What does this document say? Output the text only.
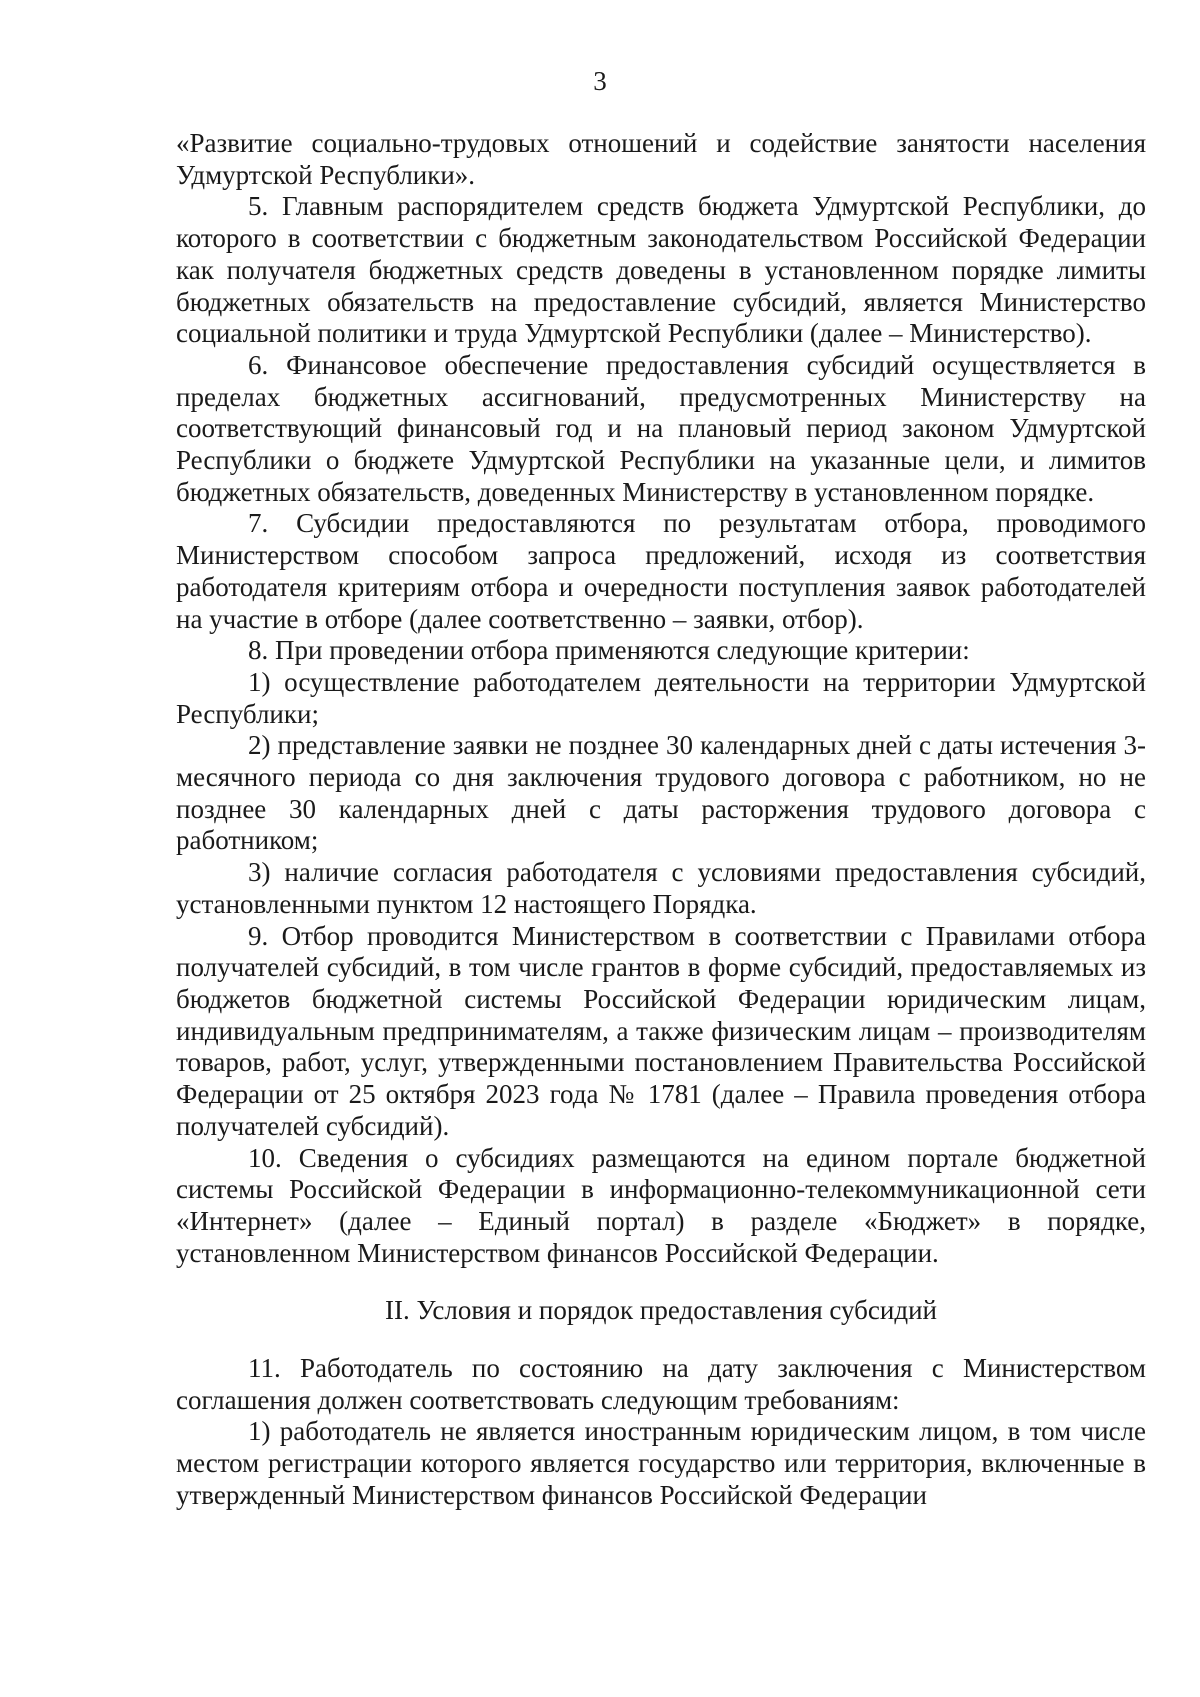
3

«Развитие социально-трудовых отношений и содействие занятости населения Удмуртской Республики».

5. Главным распорядителем средств бюджета Удмуртской Республики, до которого в соответствии с бюджетным законодательством Российской Федерации как получателя бюджетных средств доведены в установленном порядке лимиты бюджетных обязательств на предоставление субсидий, является Министерство социальной политики и труда Удмуртской Республики (далее – Министерство).

6. Финансовое обеспечение предоставления субсидий осуществляется в пределах бюджетных ассигнований, предусмотренных Министерству на соответствующий финансовый год и на плановый период законом Удмуртской Республики о бюджете Удмуртской Республики на указанные цели, и лимитов бюджетных обязательств, доведенных Министерству в установленном порядке.

7. Субсидии предоставляются по результатам отбора, проводимого Министерством способом запроса предложений, исходя из соответствия работодателя критериям отбора и очередности поступления заявок работодателей на участие в отборе (далее соответственно – заявки, отбор).

8. При проведении отбора применяются следующие критерии:

1) осуществление работодателем деятельности на территории Удмуртской Республики;

2) представление заявки не позднее 30 календарных дней с даты истечения 3-месячного периода со дня заключения трудового договора с работником, но не позднее 30 календарных дней с даты расторжения трудового договора с работником;

3) наличие согласия работодателя с условиями предоставления субсидий, установленными пунктом 12 настоящего Порядка.

9. Отбор проводится Министерством в соответствии с Правилами отбора получателей субсидий, в том числе грантов в форме субсидий, предоставляемых из бюджетов бюджетной системы Российской Федерации юридическим лицам, индивидуальным предпринимателям, а также физическим лицам – производителям товаров, работ, услуг, утвержденными постановлением Правительства Российской Федерации от 25 октября 2023 года № 1781 (далее – Правила проведения отбора получателей субсидий).

10. Сведения о субсидиях размещаются на едином портале бюджетной системы Российской Федерации в информационно-телекоммуникационной сети «Интернет» (далее – Единый портал) в разделе «Бюджет» в порядке, установленном Министерством финансов Российской Федерации.

II. Условия и порядок предоставления субсидий

11. Работодатель по состоянию на дату заключения с Министерством соглашения должен соответствовать следующим требованиям:

1) работодатель не является иностранным юридическим лицом, в том числе местом регистрации которого является государство или территория, включенные в утвержденный Министерством финансов Российской Федерации
